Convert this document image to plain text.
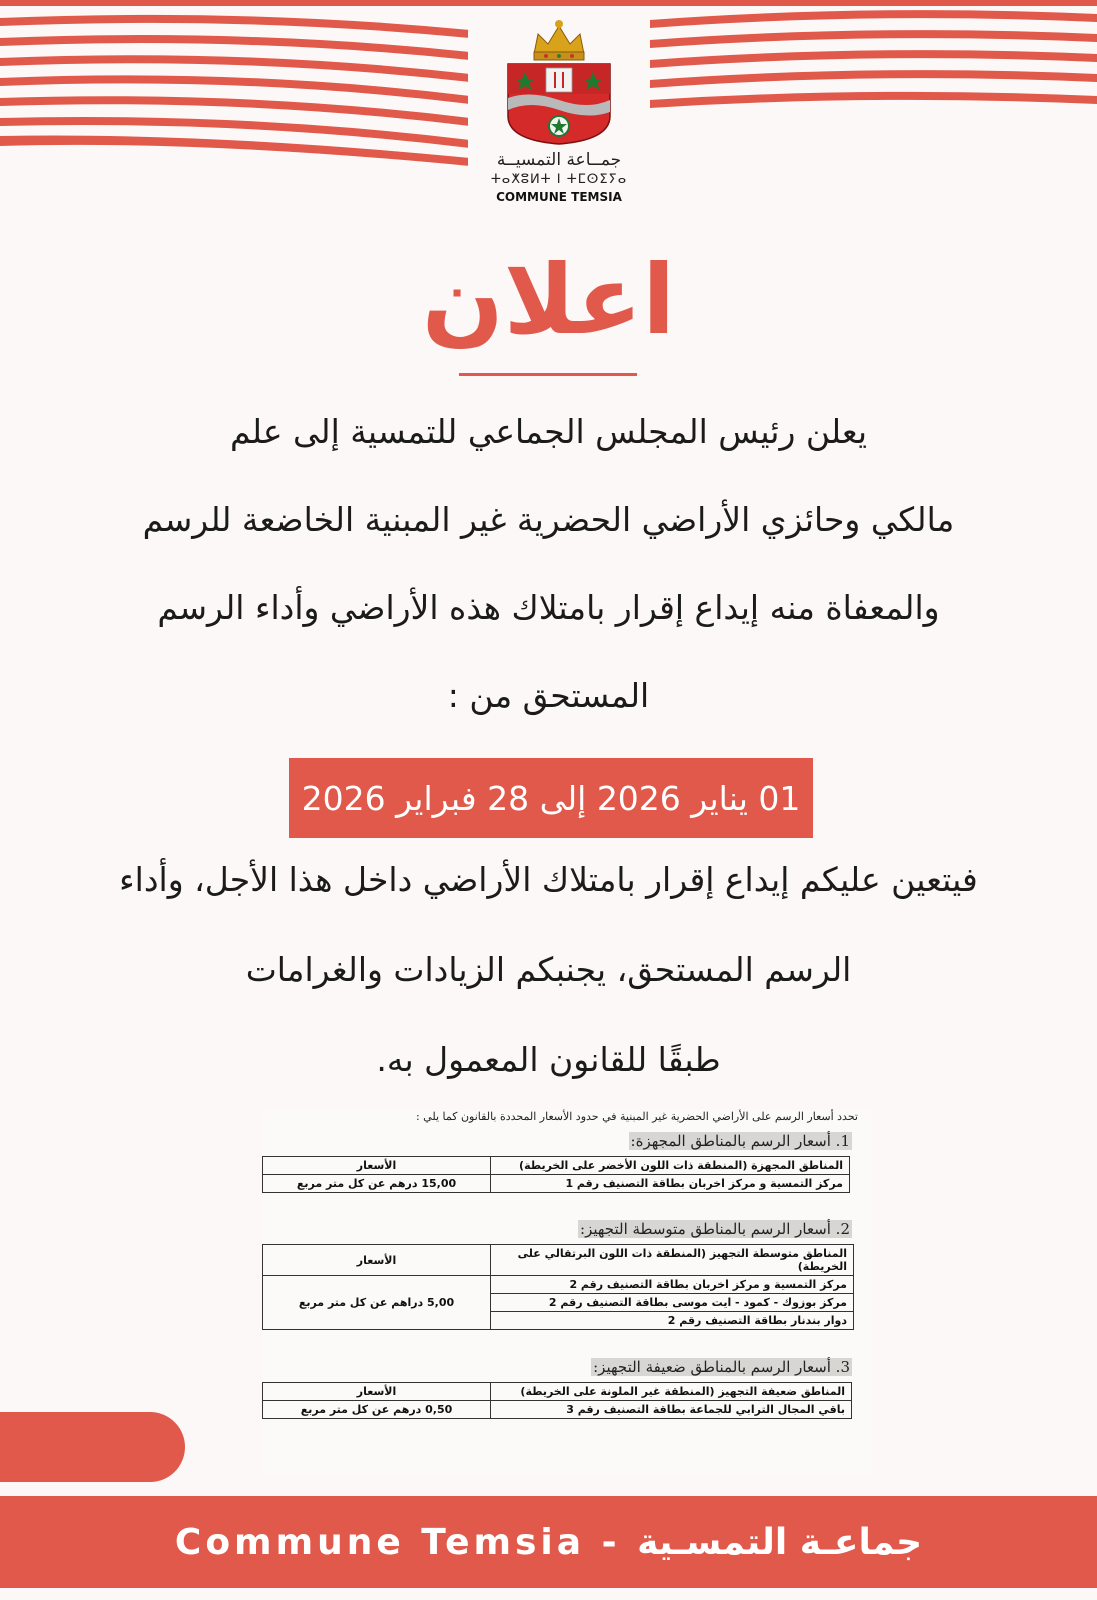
جمــاعة التمسيــة
ⵜⴰⵅⵓⵍⵜ ⵏ ⵜⵎⵙⵉⵢⴰ
COMMUNE TEMSIA
اعلان
يعلن رئيس المجلس الجماعي للتمسية إلى علم
مالكي وحائزي الأراضي الحضرية غير المبنية الخاضعة للرسم
والمعفاة منه إيداع إقرار بامتلاك هذه الأراضي وأداء الرسم
المستحق من :
01 يناير 2026 إلى 28 فبراير 2026
فيتعين عليكم إيداع إقرار بامتلاك الأراضي داخل هذا الأجل، وأداء
الرسم المستحق، يجنبكم الزيادات والغرامات
طبقًا للقانون المعمول به.
تحدد أسعار الرسم على الأراضي الحضرية غير المبنية في حدود الأسعار المحددة بالقانون كما يلي :
1. أسعار الرسم بالمناطق المجهزة:
المناطق المجهزة (المنطقة ذات اللون الأخضر على الخريطة)	الأسعار
مركز التمسية و مركز اخربان بطاقة التصنيف رقم 1	15,00 درهم عن كل متر مربع
2. أسعار الرسم بالمناطق متوسطة التجهيز:
المناطق متوسطة التجهيز (المنطقة ذات اللون البرتقالي على الخريطة)	الأسعار
مركز التمسية و مركز اخربان بطاقة التصنيف رقم 2	5,00 دراهم عن كل متر مربع
مركز بوزوك - كمود - ايت موسى بطاقة التصنيف رقم 2	
دوار بندنار بطاقة التصنيف رقم 2	
3. أسعار الرسم بالمناطق ضعيفة التجهيز:
المناطق ضعيفة التجهيز (المنطقة غير الملونة على الخريطة)	الأسعار
باقي المجال الترابي للجماعة بطاقة التصنيف رقم 3	0,50 درهم عن كل متر مربع
Commune Temsia - جماعـة التمسـية
